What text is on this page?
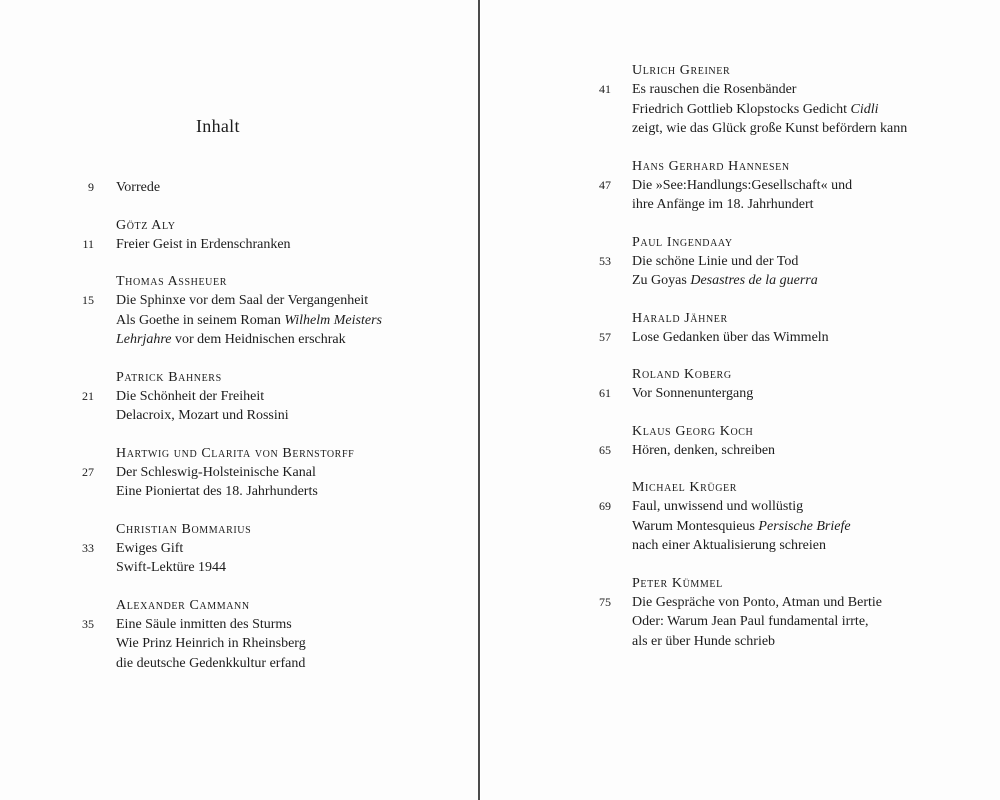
Inhalt
9	Vorrede
Götz Aly
11	Freier Geist in Erdenschranken
Thomas Assheuer
15	Die Sphinxe vor dem Saal der Vergangenheit
Als Goethe in seinem Roman Wilhelm Meisters
Lehrjahre vor dem Heidnischen erschrak
Patrick Bahners
21	Die Schönheit der Freiheit
Delacroix, Mozart und Rossini
Hartwig und Clarita von Bernstorff
27	Der Schleswig-Holsteinische Kanal
Eine Pioniertat des 18. Jahrhunderts
Christian Bommarius
33	Ewiges Gift
Swift-Lektüre 1944
Alexander Cammann
35	Eine Säule inmitten des Sturms
Wie Prinz Heinrich in Rheinsberg
die deutsche Gedenkkultur erfand
Ulrich Greiner
41	Es rauschen die Rosenbänder
Friedrich Gottlieb Klopstocks Gedicht Cidli
zeigt, wie das Glück große Kunst befördern kann
Hans Gerhard Hannesen
47	Die »See:Handlungs:Gesellschaft« und
ihre Anfänge im 18. Jahrhundert
Paul Ingendaay
53	Die schöne Linie und der Tod
Zu Goyas Desastres de la guerra
Harald Jähner
57	Lose Gedanken über das Wimmeln
Roland Koberg
61	Vor Sonnenuntergang
Klaus Georg Koch
65	Hören, denken, schreiben
Michael Krüger
69	Faul, unwissend und wollüstig
Warum Montesquieus Persische Briefe
nach einer Aktualisierung schreien
Peter Kümmel
75	Die Gespräche von Ponto, Atman und Bertie
Oder: Warum Jean Paul fundamental irrte,
als er über Hunde schrieb
